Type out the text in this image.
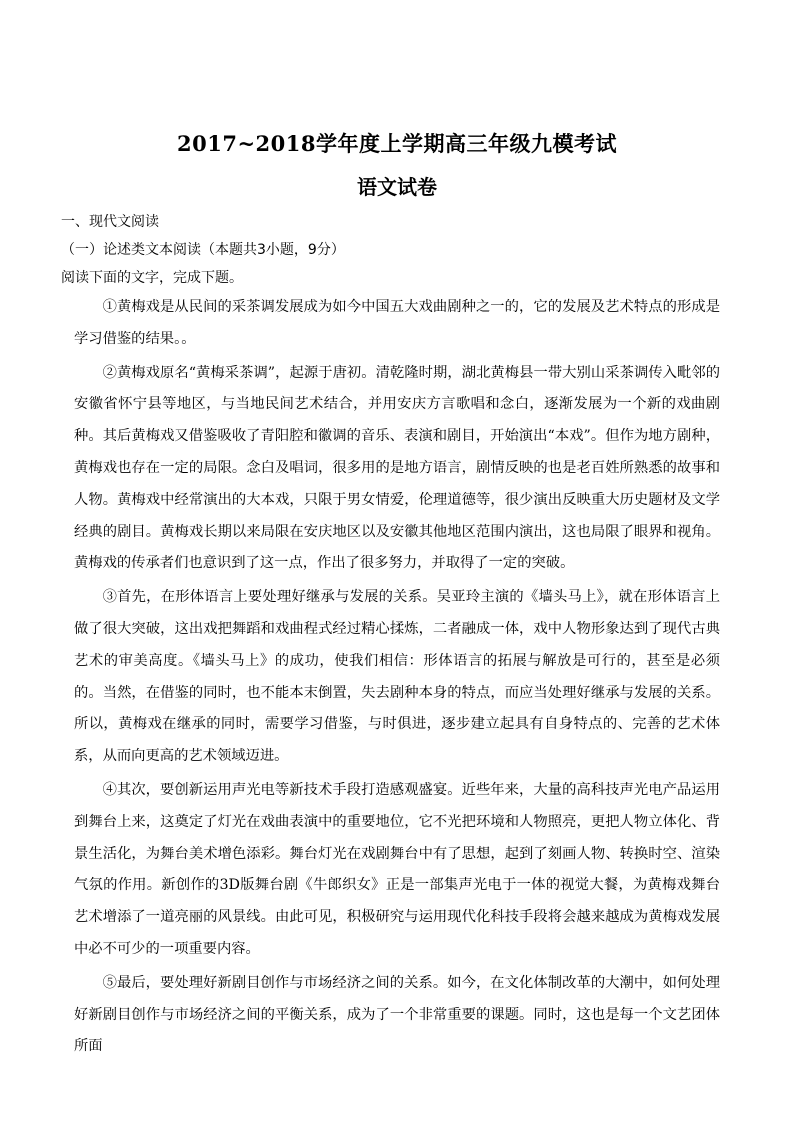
2017~2018学年度上学期高三年级九模考试
语文试卷
一、现代文阅读
（一）论述类文本阅读（本题共3小题，9分）
阅读下面的文字，完成下题。

①黄梅戏是从民间的采茶调发展成为如今中国五大戏曲剧种之一的，它的发展及艺术特点的形成是学习借鉴的结果。。

②黄梅戏原名“黄梅采茶调”，起源于唐初。清乾隆时期，湖北黄梅县一带大别山采茶调传入毗邻的安徽省怀宁县等地区，与当地民间艺术结合，并用安庆方言歌唱和念白，逐渐发展为一个新的戏曲剧种。其后黄梅戏又借鉴吸收了青阳腔和徽调的音乐、表演和剧目，开始演出“本戏”。但作为地方剧种，黄梅戏也存在一定的局限。念白及唱词，很多用的是地方语言，剧情反映的也是老百姓所熟悉的故事和人物。黄梅戏中经常演出的大本戏，只限于男女情爱，伦理道德等，很少演出反映重大历史题材及文学经典的剧目。黄梅戏长期以来局限在安庆地区以及安徽其他地区范围内演出，这也局限了眼界和视角。黄梅戏的传承者们也意识到了这一点，作出了很多努力，并取得了一定的突破。

③首先，在形体语言上要处理好继承与发展的关系。吴亚玲主演的《墙头马上》，就在形体语言上做了很大突破，这出戏把舞蹈和戏曲程式经过精心揉炼，二者融成一体，戏中人物形象达到了现代古典艺术的审美高度。《墙头马上》的成功，使我们相信：形体语言的拓展与解放是可行的，甚至是必须的。当然，在借鉴的同时，也不能本末倒置，失去剧种本身的特点，而应当处理好继承与发展的关系。所以，黄梅戏在继承的同时，需要学习借鉴，与时俱进，逐步建立起具有自身特点的、完善的艺术体系，从而向更高的艺术领域迈进。

④其次，要创新运用声光电等新技术手段打造感观盛宴。近些年来，大量的高科技声光电产品运用到舞台上来，这奠定了灯光在戏曲表演中的重要地位，它不光把环境和人物照亮，更把人物立体化、背景生活化，为舞台美术增色添彩。舞台灯光在戏剧舞台中有了思想，起到了刻画人物、转换时空、渲染气氛的作用。新创作的3D版舞台剧《牛郎织女》正是一部集声光电于一体的视觉大餐，为黄梅戏舞台艺术增添了一道亮丽的风景线。由此可见，积极研究与运用现代化科技手段将会越来越成为黄梅戏发展中必不可少的一项重要内容。

⑤最后，要处理好新剧目创作与市场经济之间的关系。如今，在文化体制改革的大潮中，如何处理好新剧目创作与市场经济之间的平衡关系，成为了一个非常重要的课题。同时，这也是每一个文艺团体所面
